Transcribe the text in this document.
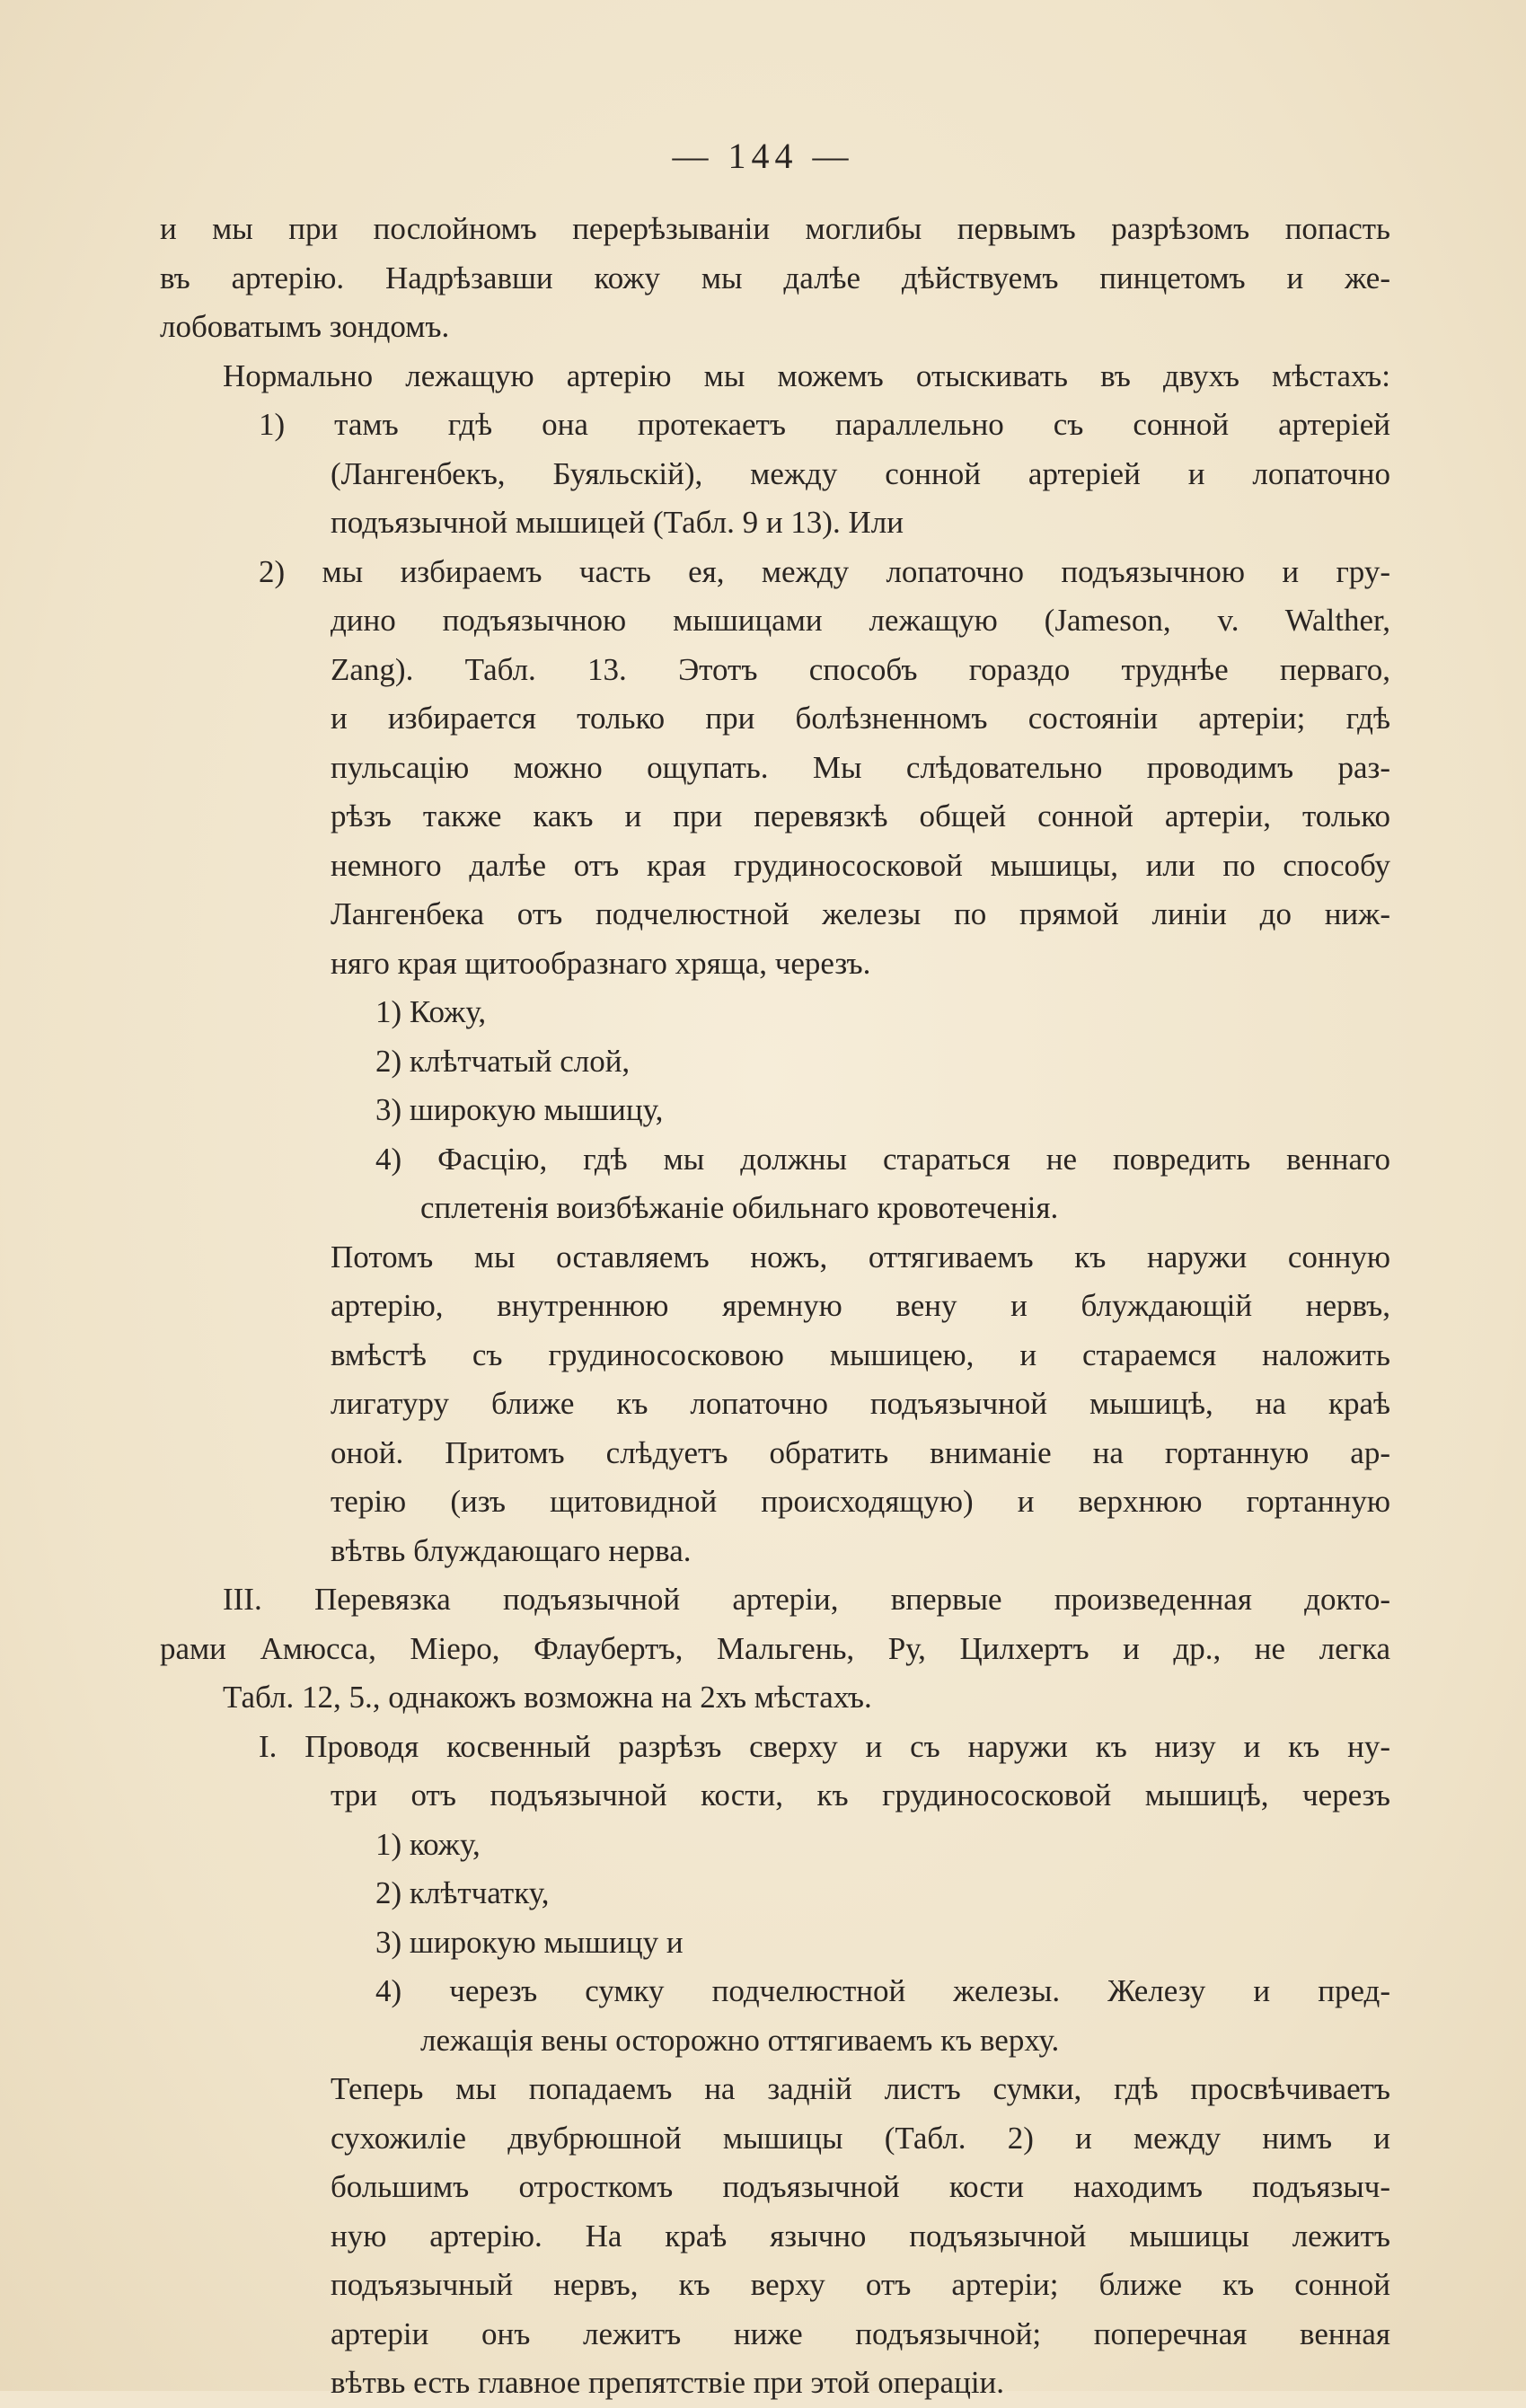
— 144 —
и мы при послойномъ перерѣзываніи моглибы первымъ разрѣзомъ попасть
въ артерію. Надрѣзавши кожу мы далѣе дѣйствуемъ пинцетомъ и же-
лобоватымъ зондомъ.
Нормально лежащую артерію мы можемъ отыскивать въ двухъ мѣстахъ:
1) тамъ гдѣ она протекаетъ параллельно съ сонной артеріей
(Лангенбекъ, Буяльскій), между сонной артеріей и лопаточно
подъязычной мышицей (Табл. 9 и 13). Или
2) мы избираемъ часть ея, между лопаточно подъязычною и гру-
дино подъязычною мышицами лежащую (Jameson, v. Walther,
Zang). Табл. 13. Этотъ способъ гораздо труднѣе перваго,
и избирается только при болѣзненномъ состояніи артеріи; гдѣ
пульсацію можно ощупать. Мы слѣдовательно проводимъ раз-
рѣзъ также какъ и при перевязкѣ общей сонной артеріи, только
немного далѣе отъ края грудинососковой мышицы, или по способу
Лангенбека отъ подчелюстной железы по прямой линіи до ниж-
няго края щитообразнаго хряща, черезъ.
1) Кожу,
2) клѣтчатый слой,
3) широкую мышицу,
4) Фасцію, гдѣ мы должны стараться не повредить веннаго
сплетенія воизбѣжаніе обильнаго кровотеченія.
Потомъ мы оставляемъ ножъ, оттягиваемъ къ наружи сонную
артерію, внутреннюю яремную вену и блуждающій нервъ,
вмѣстѣ съ грудинососковою мышицею, и стараемся наложить
лигатуру ближе къ лопаточно подъязычной мышицѣ, на краѣ
оной. Притомъ слѣдуетъ обратить вниманіе на гортанную ар-
терію (изъ щитовидной происходящую) и верхнюю гортанную
вѣтвь блуждающаго нерва.
III. Перевязка подъязычной артеріи, впервые произведенная докто-
рами Амюсса, Міеро, Флаубертъ, Мальгень, Ру, Цилхертъ и др., не легка
Табл. 12, 5., однакожъ возможна на 2хъ мѣстахъ.
I. Проводя косвенный разрѣзъ сверху и съ наружи къ низу и къ ну-
три отъ подъязычной кости, къ грудинососковой мышицѣ, черезъ
1) кожу,
2) клѣтчатку,
3) широкую мышицу и
4) черезъ сумку подчелюстной железы. Железу и пред-
лежащія вены осторожно оттягиваемъ къ верху.
Теперь мы попадаемъ на задній листъ сумки, гдѣ просвѣчиваетъ
сухожиліе двубрюшной мышицы (Табл. 2) и между нимъ и
большимъ отросткомъ подъязычной кости находимъ подъязыч-
ную артерію. На краѣ язычно подъязычной мышицы лежитъ
подъязычный нервъ, къ верху отъ артеріи; ближе къ сонной
артеріи онъ лежитъ ниже подъязычной; поперечная венная
вѣтвь есть главное препятствіе при этой операціи.
